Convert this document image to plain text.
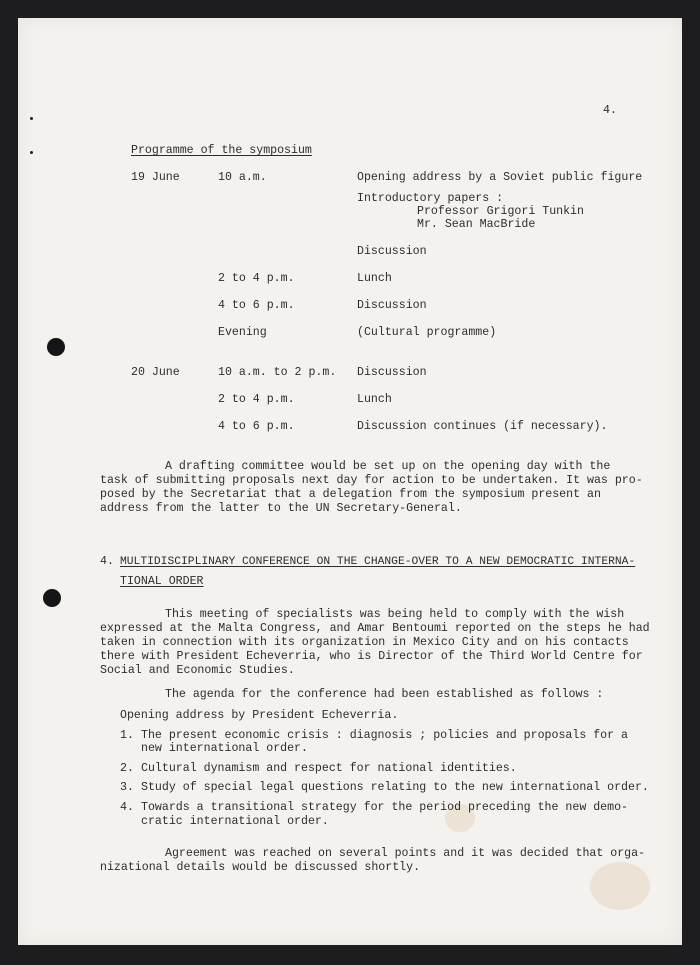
4.
Programme of the symposium
19 June	10 a.m.	Opening address by a Soviet public figure
Introductory papers :
Professor Grigori Tunkin
Mr. Sean MacBride
Discussion
2 to 4 p.m.	Lunch
4 to 6 p.m.	Discussion
Evening	(Cultural programme)
20 June	10 a.m. to 2 p.m. Discussion
2 to 4 p.m.	Lunch
4 to 6 p.m.	Discussion continues (if necessary).
A drafting committee would be set up on the opening day with the
task of submitting proposals next day for action to be undertaken. It was pro-
posed by the Secretariat that a delegation from the symposium present an
address from the latter to the UN Secretary-General.
4. MULTIDISCIPLINARY CONFERENCE ON THE CHANGE-OVER TO A NEW DEMOCRATIC INTERNA-
TIONAL ORDER
This meeting of specialists was being held to comply with the wish
expressed at the Malta Congress, and Amar Bentoumi reported on the steps he had
taken in connection with its organization in Mexico City and on his contacts
there with President Echeverria, who is Director of the Third World Centre for
Social and Economic Studies.
The agenda for the conference had been established as follows :
Opening address by President Echeverria.
1. The present economic crisis : diagnosis ; policies and proposals for a
new international order.
2. Cultural dynamism and respect for national identities.
3. Study of special legal questions relating to the new international order.
4. Towards a transitional strategy for the period preceding the new demo-
cratic international order.
Agreement was reached on several points and it was decided that orga-
nizational details would be discussed shortly.
